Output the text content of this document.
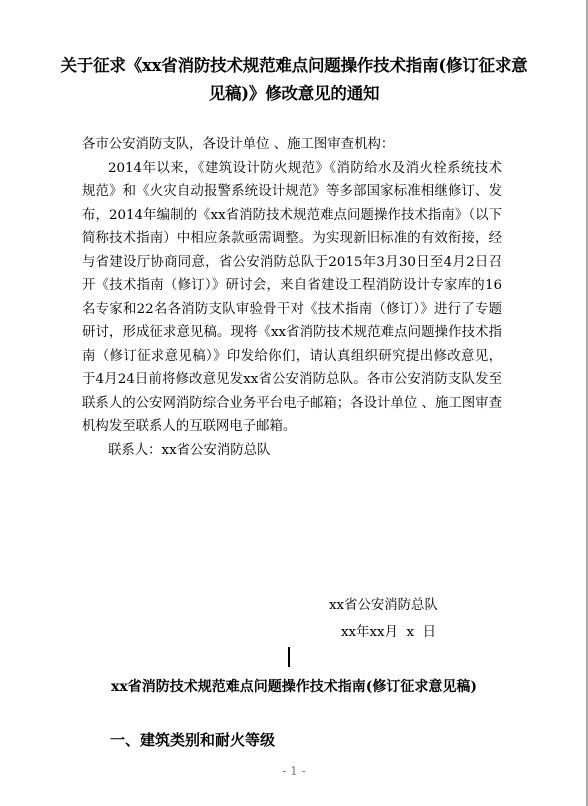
关于征求《xx省消防技术规范难点问题操作技术指南(修订征求意见稿)》修改意见的通知

各市公安消防支队，各设计单位 、施工图审查机构：

2014年以来，《建筑设计防火规范》《消防给水及消火栓系统技术规范》和《火灾自动报警系统设计规范》等多部国家标准相继修订、发布，2014年编制的《xx省消防技术规范难点问题操作技术指南》（以下简称技术指南）中相应条款亟需调整。为实现新旧标准的有效衔接，经与省建设厅协商同意，省公安消防总队于2015年3月30日至4月2日召开《技术指南（修订）》研讨会，来自省建设工程消防设计专家库的16名专家和22名各消防支队审验骨干对《技术指南（修订）》进行了专题研讨，形成征求意见稿。现将《xx省消防技术规范难点问题操作技术指南（修订征求意见稿）》印发给你们，请认真组织研究提出修改意见，于4月24日前将修改意见发xx省公安消防总队。各市公安消防支队发至联系人的公安网消防综合业务平台电子邮箱；各设计单位 、施工图审查机构发至联系人的互联网电子邮箱。

联系人：xx省公安消防总队

xx省公安消防总队
xx年xx月  x  日
xx省消防技术规范难点问题操作技术指南(修订征求意见稿)
一、建筑类别和耐火等级
- 1 -
